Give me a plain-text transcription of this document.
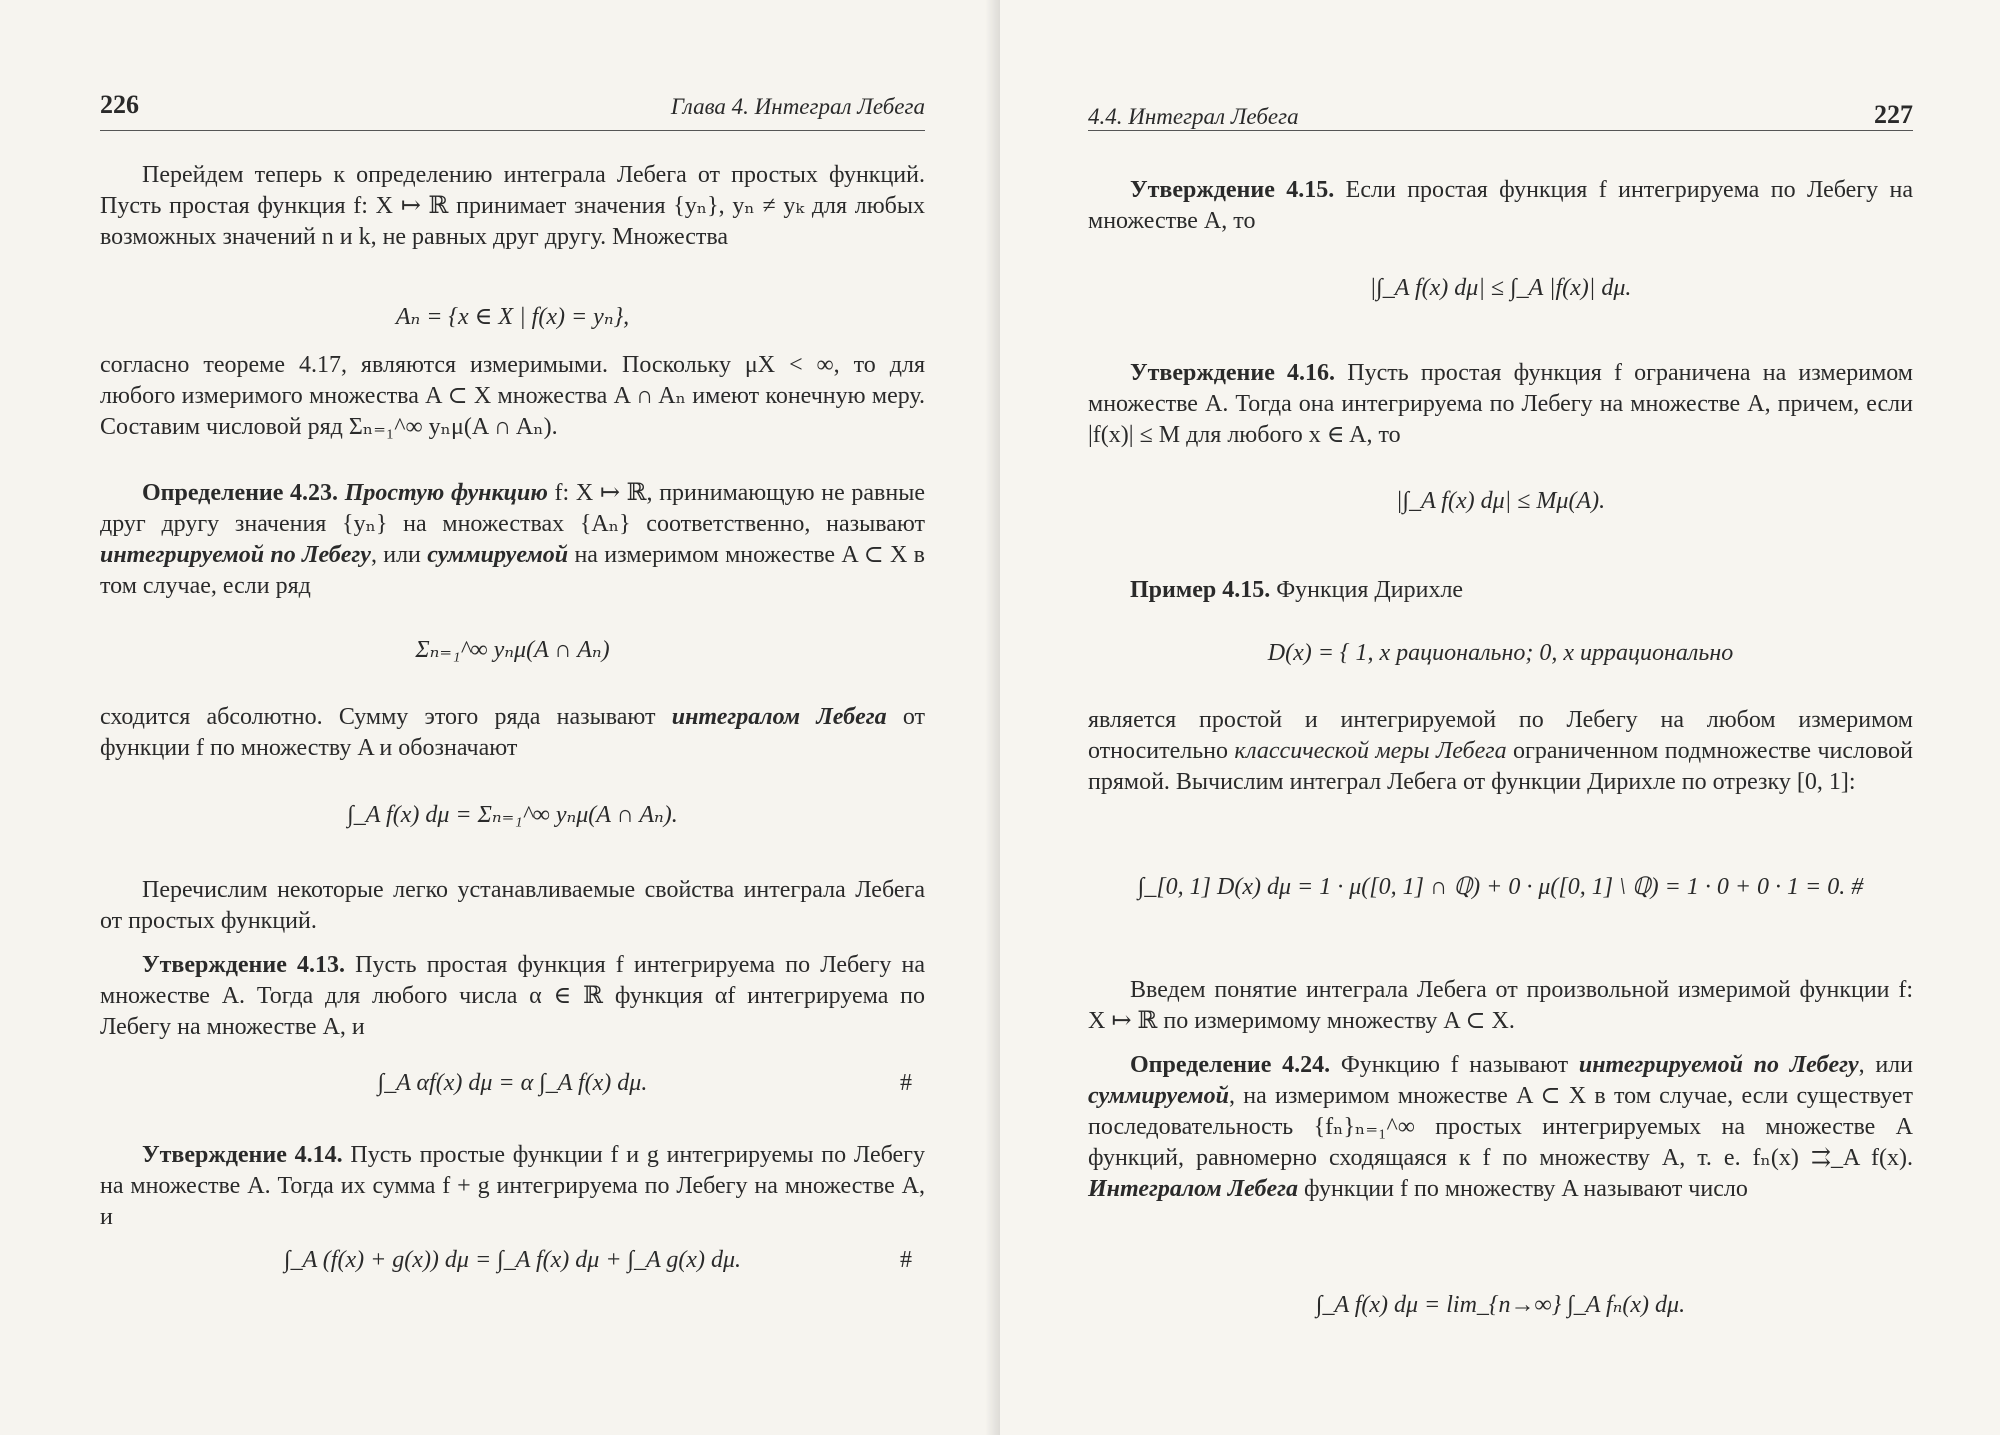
226	Глава 4. Интеграл Лебега
Перейдем теперь к определению интеграла Лебега от простых функций. Пусть простая функция f: X ↦ ℝ принимает значения {yₙ}, yₙ ≠ yₖ для любых возможных значений n и k, не равных друг другу. Множества
Aₙ = {x ∈ X | f(x) = yₙ},
согласно теореме 4.17, являются измеримыми. Поскольку μX < ∞, то для любого измеримого множества A ⊂ X множества A ∩ Aₙ имеют конечную меру. Составим числовой ряд Σₙ₌₁^∞ yₙμ(A ∩ Aₙ).
Определение 4.23. Простую функцию f: X ↦ ℝ, принимающую не равные друг другу значения {yₙ} на множествах {Aₙ} соответственно, называют интегрируемой по Лебегу, или суммируемой на измеримом множестве A ⊂ X в том случае, если ряд
Σₙ₌₁^∞ yₙμ(A ∩ Aₙ)
сходится абсолютно. Сумму этого ряда называют интегралом Лебега от функции f по множеству A и обозначают
∫_A f(x) dμ = Σₙ₌₁^∞ yₙμ(A ∩ Aₙ).
Перечислим некоторые легко устанавливаемые свойства интеграла Лебега от простых функций.
Утверждение 4.13. Пусть простая функция f интегрируема по Лебегу на множестве A. Тогда для любого числа α ∈ ℝ функция αf интегрируема по Лебегу на множестве A, и
∫_A αf(x) dμ = α ∫_A f(x) dμ.	#
Утверждение 4.14. Пусть простые функции f и g интегрируемы по Лебегу на множестве A. Тогда их сумма f + g интегрируема по Лебегу на множестве A, и
∫_A (f(x) + g(x)) dμ = ∫_A f(x) dμ + ∫_A g(x) dμ.	#
4.4. Интеграл Лебега	227
Утверждение 4.15. Если простая функция f интегрируема по Лебегу на множестве A, то
|∫_A f(x) dμ| ≤ ∫_A |f(x)| dμ.
Утверждение 4.16. Пусть простая функция f ограничена на измеримом множестве A. Тогда она интегрируема по Лебегу на множестве A, причем, если |f(x)| ≤ M для любого x ∈ A, то
|∫_A f(x) dμ| ≤ Mμ(A).
Пример 4.15. Функция Дирихле
D(x) = { 1, x рационально; 0, x иррационально
является простой и интегрируемой по Лебегу на любом измеримом относительно классической меры Лебега ограниченном подмножестве числовой прямой. Вычислим интеграл Лебега от функции Дирихле по отрезку [0, 1]:
∫_[0, 1] D(x) dμ = 1 · μ([0, 1] ∩ ℚ) + 0 · μ([0, 1] \ ℚ) = 1 · 0 + 0 · 1 = 0. #
Введем понятие интеграла Лебега от произвольной измеримой функции f: X ↦ ℝ по измеримому множеству A ⊂ X.
Определение 4.24. Функцию f называют интегрируемой по Лебегу, или суммируемой, на измеримом множестве A ⊂ X в том случае, если существует последовательность {fₙ}ₙ₌₁^∞ простых интегрируемых на множестве A функций, равномерно сходящаяся к f по множеству A, т. е. fₙ(x) ⇉_A f(x). Интегралом Лебега функции f по множеству A называют число
∫_A f(x) dμ = lim_{n→∞} ∫_A fₙ(x) dμ.
